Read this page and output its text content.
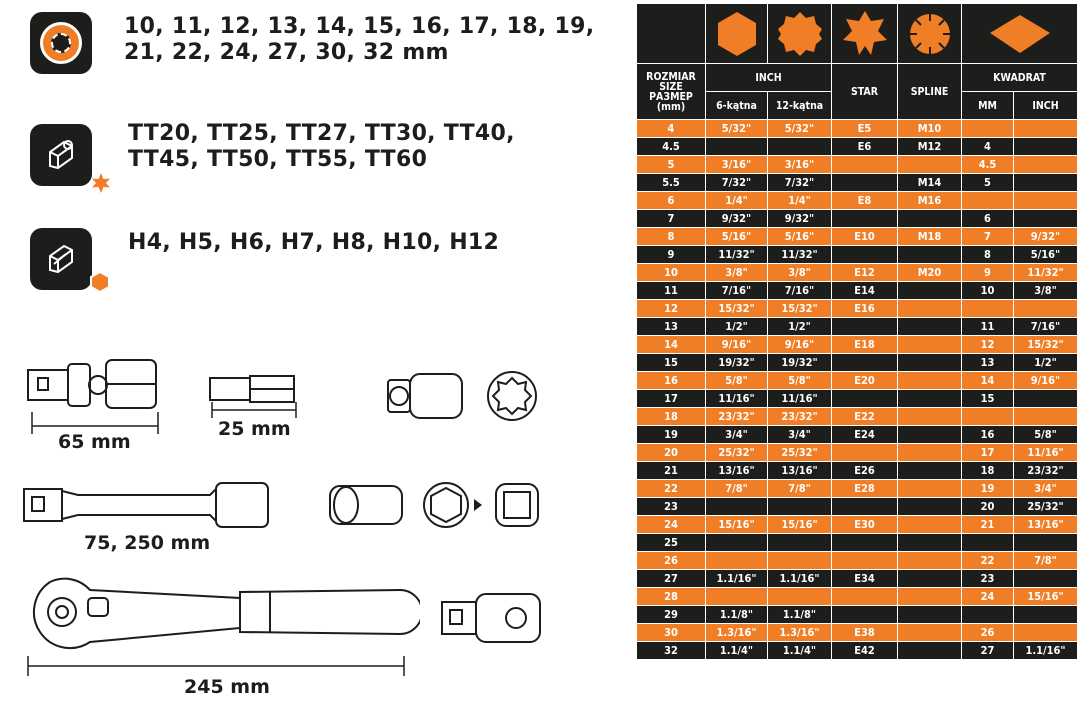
10, 11, 12, 13, 14, 15, 16, 17, 18, 19,
21, 22, 24, 27, 30, 32 mm
TT20, TT25, TT27, TT30, TT40,
TT45, TT50, TT55, TT60
H4, H5, H6, H7, H8, H10, H12
65 mm
25 mm
75, 250 mm
245 mm

ROZMIAR
SIZE
РАЗМЕР
(mm)	INCH		STAR	SPLINE	KWADRAT	
	6-kątna	12-kątna			MM	INCH
4	5/32"	5/32"	E5	M10		
4.5			E6	M12	4	
5	3/16"	3/16"			4.5	
5.5	7/32"	7/32"		M14	5	
6	1/4"	1/4"	E8	M16		
7	9/32"	9/32"			6	
8	5/16"	5/16"	E10	M18	7	9/32"
9	11/32"	11/32"			8	5/16"
10	3/8"	3/8"	E12	M20	9	11/32"
11	7/16"	7/16"	E14		10	3/8"
12	15/32"	15/32"	E16			
13	1/2"	1/2"			11	7/16"
14	9/16"	9/16"	E18		12	15/32"
15	19/32"	19/32"			13	1/2"
16	5/8"	5/8"	E20		14	9/16"
17	11/16"	11/16"			15	
18	23/32"	23/32"	E22			
19	3/4"	3/4"	E24		16	5/8"
20	25/32"	25/32"			17	11/16"
21	13/16"	13/16"	E26		18	23/32"
22	7/8"	7/8"	E28		19	3/4"
23					20	25/32"
24	15/16"	15/16"	E30		21	13/16"
25						
26					22	7/8"
27	1.1/16"	1.1/16"	E34		23	
28					24	15/16"
29	1.1/8"	1.1/8"				
30	1.3/16"	1.3/16"	E38		26	
32	1.1/4"	1.1/4"	E42		27	1.1/16"
